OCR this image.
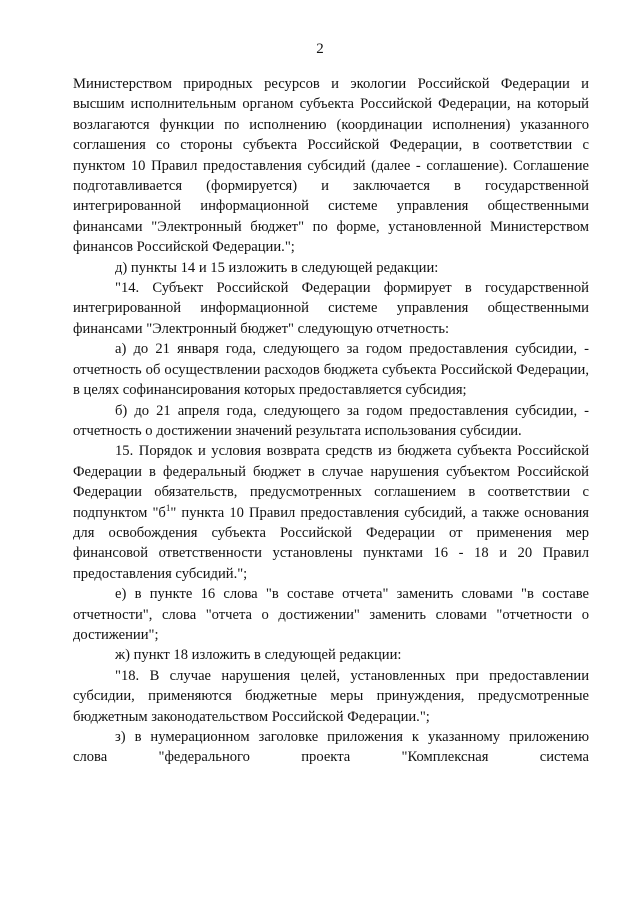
2

Министерством природных ресурсов и экологии Российской Федерации и высшим исполнительным органом субъекта Российской Федерации, на который возлагаются функции по исполнению (координации исполнения) указанного соглашения со стороны субъекта Российской Федерации, в соответствии с пунктом 10 Правил предоставления субсидий (далее - соглашение). Соглашение подготавливается (формируется) и заключается в государственной интегрированной информационной системе управления общественными финансами "Электронный бюджет" по форме, установленной Министерством финансов Российской Федерации.";

д) пункты 14 и 15 изложить в следующей редакции:

"14. Субъект Российской Федерации формирует в государственной интегрированной информационной системе управления общественными финансами "Электронный бюджет" следующую отчетность:

а) до 21 января года, следующего за годом предоставления субсидии, - отчетность об осуществлении расходов бюджета субъекта Российской Федерации, в целях софинансирования которых предоставляется субсидия;

б) до 21 апреля года, следующего за годом предоставления субсидии, - отчетность о достижении значений результата использования субсидии.

15. Порядок и условия возврата средств из бюджета субъекта Российской Федерации в федеральный бюджет в случае нарушения субъектом Российской Федерации обязательств, предусмотренных соглашением в соответствии с подпунктом "$б^1$" пункта 10 Правил предоставления субсидий, а также основания для освобождения субъекта Российской Федерации от применения мер финансовой ответственности установлены пунктами 16 - 18 и 20 Правил предоставления субсидий.";

е) в пункте 16 слова "в составе отчета" заменить словами "в составе отчетности", слова "отчета о достижении" заменить словами "отчетности о достижении";

ж) пункт 18 изложить в следующей редакции:

"18. В случае нарушения целей, установленных при предоставлении субсидии, применяются бюджетные меры принуждения, предусмотренные бюджетным законодательством Российской Федерации.";

з) в нумерационном заголовке приложения к указанному приложению слова "федерального проекта "Комплексная система
